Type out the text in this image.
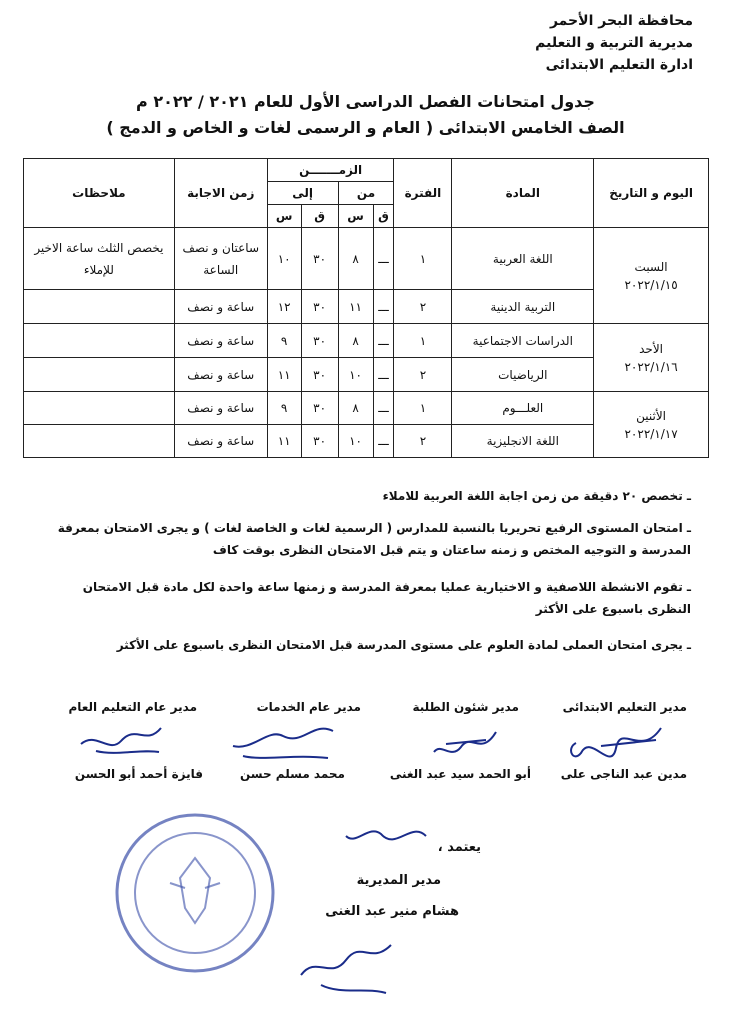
محافظة البحر الأحمر
مديرية التربية و التعليم
ادارة التعليم الابتدائى
جدول امتحانات الفصل الدراسى الأول للعام ٢٠٢١ / ٢٠٢٢ م
الصف الخامس الابتدائى ( العام و الرسمى لغات و الخاص و الدمج )
اليوم و التاريخ	المادة	الفترة	الزمـــــــن				زمن الاجابة	ملاحظات
			من		إلى			
			ق	س	ق	س		

السبت
٢٠٢٢/١/١٥	اللغة العربية	١	ـــ	٨	٣٠	١٠	ساعتان و نصف الساعة	يخصص الثلث ساعة الاخير للإملاء
	التربية الدينية	٢	ـــ	١١	٣٠	١٢	ساعة و نصف	

الأحد
٢٠٢٢/١/١٦	الدراسات الاجتماعية	١	ـــ	٨	٣٠	٩	ساعة و نصف	
	الرياضيات	٢	ـــ	١٠	٣٠	١١	ساعة و نصف	

الأثنين
٢٠٢٢/١/١٧	العلـــوم	١	ـــ	٨	٣٠	٩	ساعة و نصف	
	اللغة الانجليزية	٢	ـــ	١٠	٣٠	١١	ساعة و نصف	
ـ تخصص ٢٠ دقيقة من زمن اجابة اللغة العربية للاملاء
ـ امتحان المستوى الرفيع تحريريا بالنسبة للمدارس ( الرسمية لغات و الخاصة لغات ) و يجرى الامتحان بمعرفة المدرسة و التوجيه المختص و زمنه ساعتان و يتم قبل الامتحان النظرى بوقت كاف
ـ تقوم الانشطة اللاصفية و الاختيارية عمليا بمعرفة المدرسة و زمنها ساعة واحدة لكل مادة قبل الامتحان النظرى باسبوع على الأكثر
ـ يجرى امتحان العملى لمادة العلوم على مستوى المدرسة قبل الامتحان النظرى باسبوع على الأكثر
مدير التعليم الابتدائى
مدير شئون الطلبة
مدير عام الخدمات
مدير عام التعليم العام
مدين عبد الناجى على
أبو الحمد سيد عبد الغنى
محمد مسلم حسن
فايزة أحمد أبو الحسن
يعتمد ،
مدير المديرية
هشام منير عبد الغنى
